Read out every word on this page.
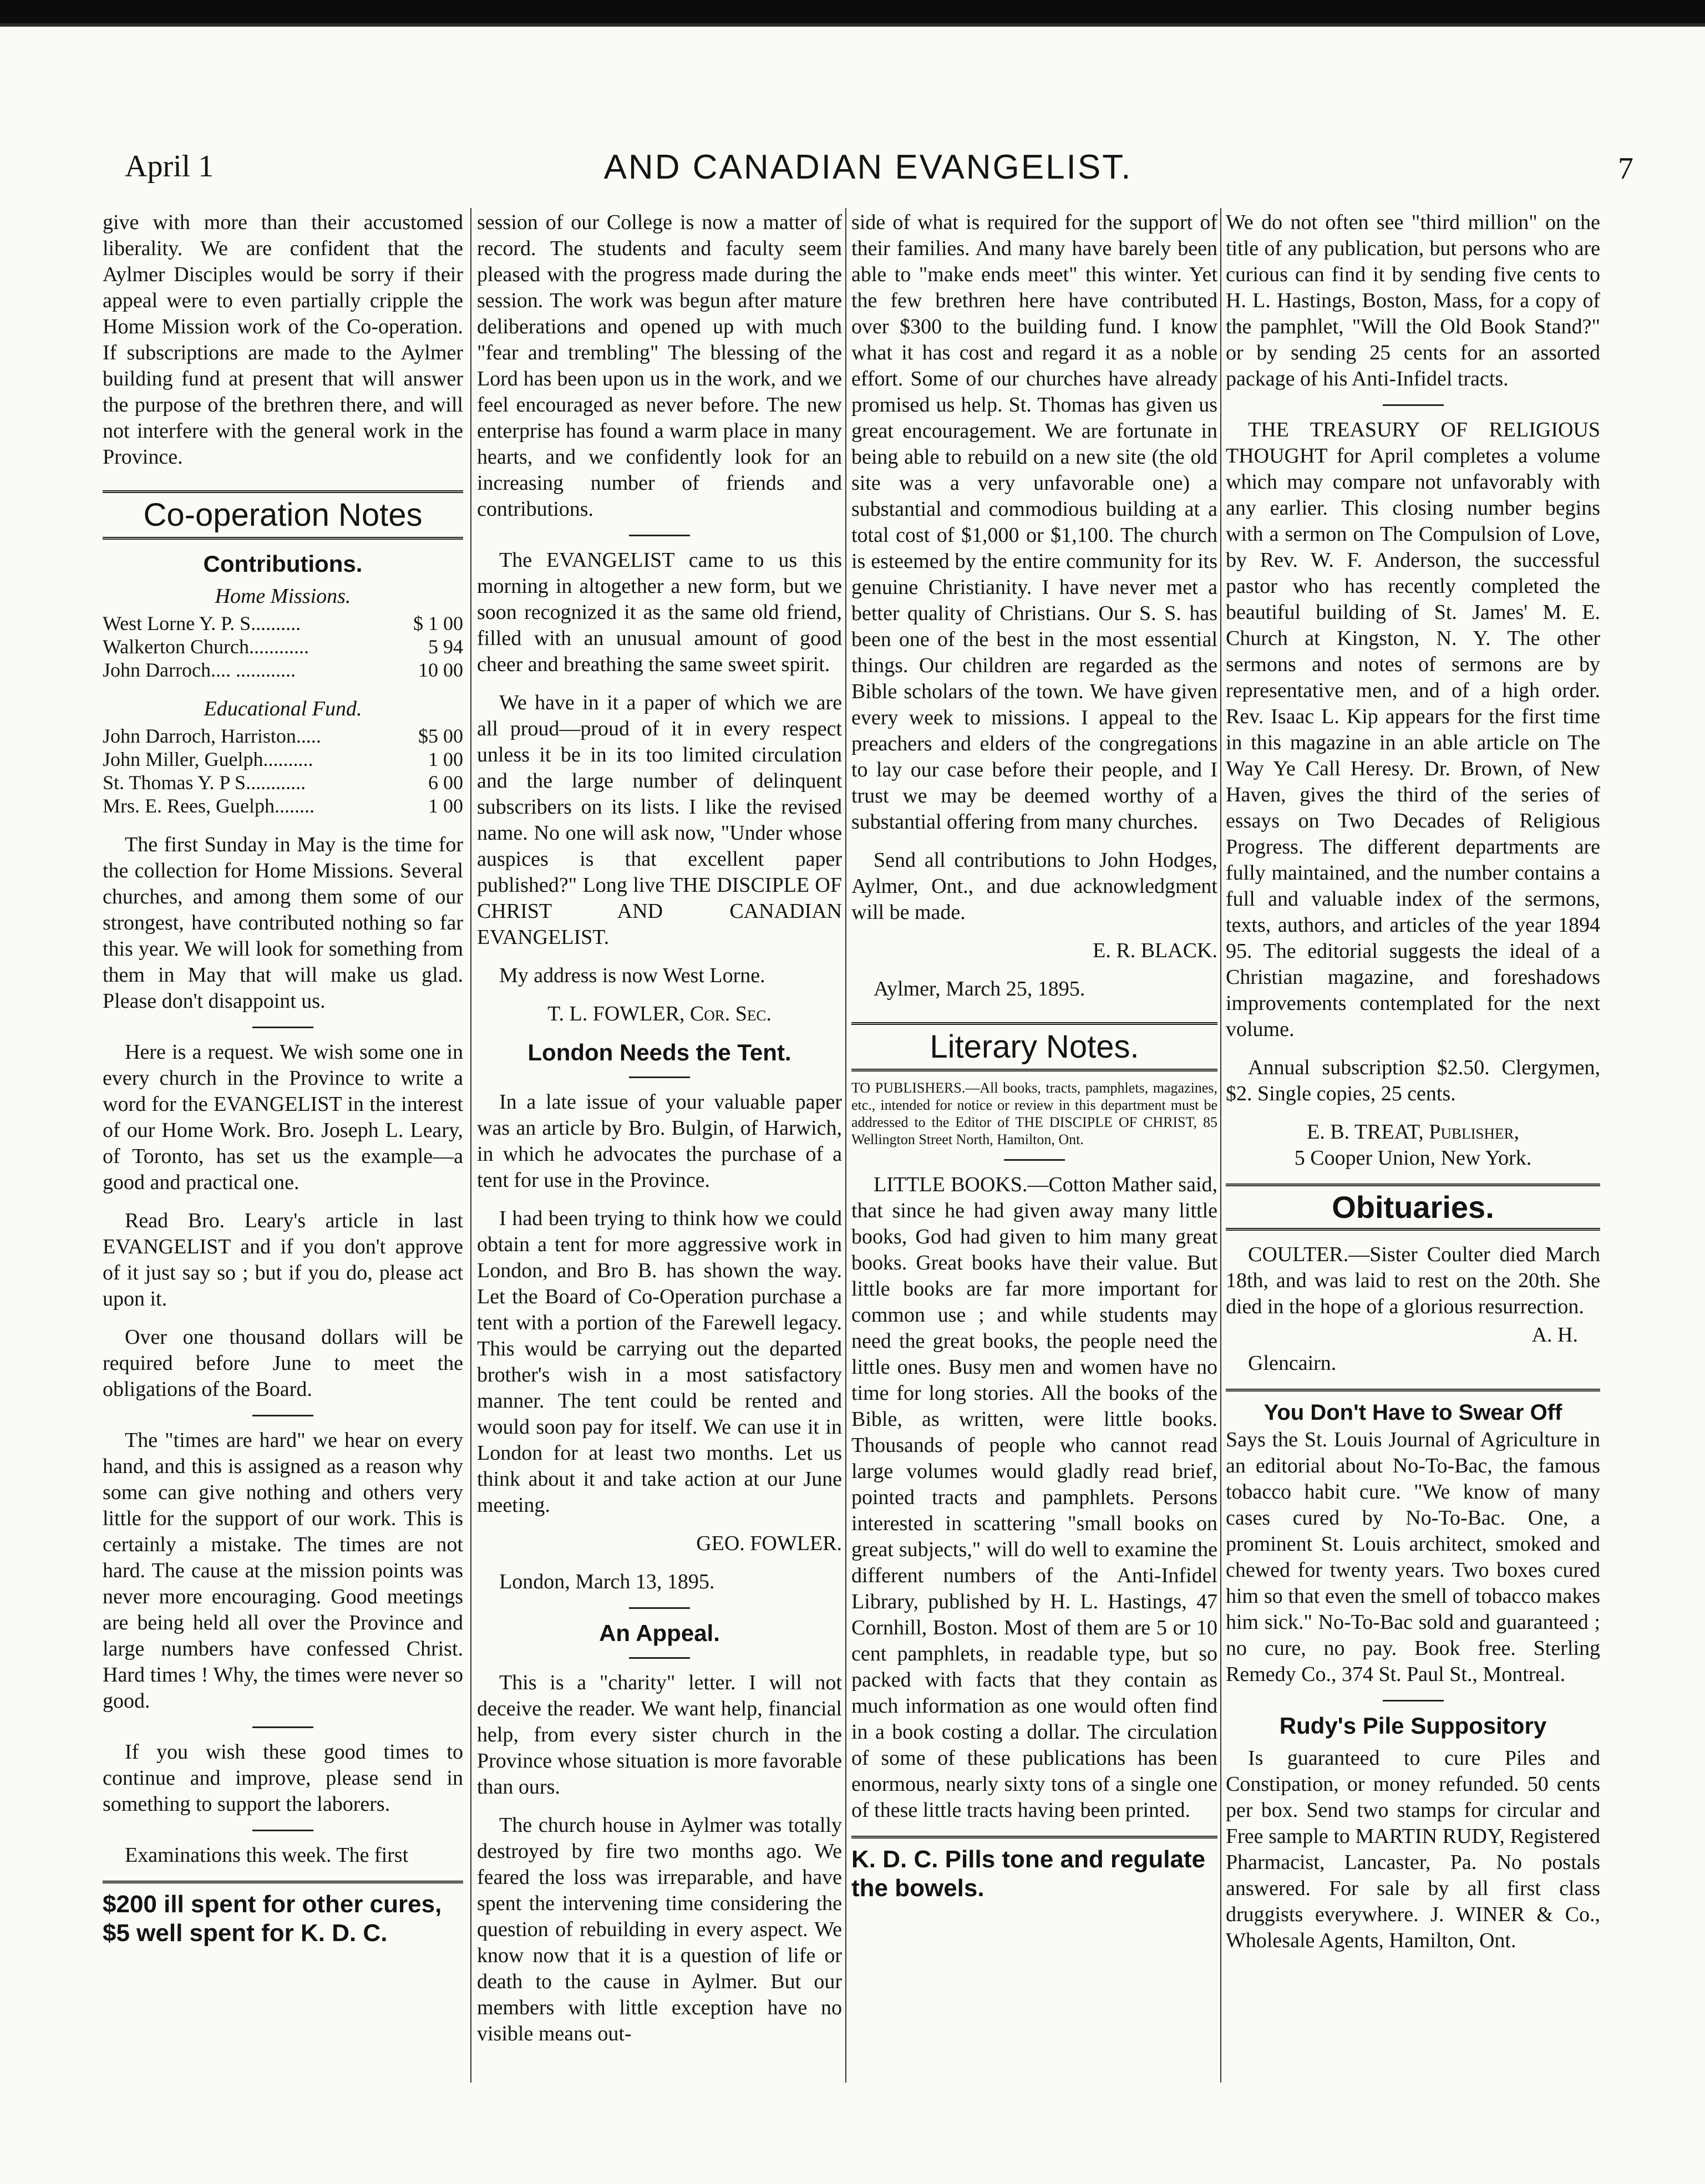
April 1	AND CANADIAN EVANGELIST.	7

give with more than their accustomed liberality. We are confident that the Aylmer Disciples would be sorry if their appeal were to even partially cripple the Home Mission work of the Co-operation. If subscriptions are made to the Aylmer building fund at present that will answer the purpose of the brethren there, and will not interfere with the general work in the Province.

Co-operation Notes
Contributions.
Home Missions.
West Lorne Y. P. S..........	$ 1 00
Walkerton Church............	5 94
John Darroch.... ............	10 00
Educational Fund.
John Darroch, Harriston.....	$5 00
John Miller, Guelph..........	1 00
St. Thomas Y. P S............	6 00
Mrs. E. Rees, Guelph........	1 00

The first Sunday in May is the time for the collection for Home Missions. Several churches, and among them some of our strongest, have contributed nothing so far this year. We will look for something from them in May that will make us glad. Please don't disappoint us.

Here is a request. We wish some one in every church in the Province to write a word for the EVANGELIST in the interest of our Home Work. Bro. Joseph L. Leary, of Toronto, has set us the example—a good and practical one.

Read Bro. Leary's article in last EVANGELIST and if you don't approve of it just say so ; but if you do, please act upon it.

Over one thousand dollars will be required before June to meet the obligations of the Board.

The "times are hard" we hear on every hand, and this is assigned as a reason why some can give nothing and others very little for the support of our work. This is certainly a mistake. The times are not hard. The cause at the mission points was never more encouraging. Good meetings are being held all over the Province and large numbers have confessed Christ. Hard times ! Why, the times were never so good.

If you wish these good times to continue and improve, please send in something to support the laborers.

Examinations this week. The first

$200 ill spent for other cures, $5 well spent for K. D. C.

session of our College is now a matter of record. The students and faculty seem pleased with the progress made during the session. The work was begun after mature deliberations and opened up with much "fear and trembling" The blessing of the Lord has been upon us in the work, and we feel encouraged as never before. The new enterprise has found a warm place in many hearts, and we confidently look for an increasing number of friends and contributions.

The EVANGELIST came to us this morning in altogether a new form, but we soon recognized it as the same old friend, filled with an unusual amount of good cheer and breathing the same sweet spirit.

We have in it a paper of which we are all proud—proud of it in every respect unless it be in its too limited circulation and the large number of delinquent subscribers on its lists. I like the revised name. No one will ask now, "Under whose auspices is that excellent paper published?" Long live THE DISCIPLE OF CHRIST AND CANADIAN EVANGELIST.

My address is now West Lorne.

T. L. FOWLER, Cor. Sec.

London Needs the Tent.

In a late issue of your valuable paper was an article by Bro. Bulgin, of Harwich, in which he advocates the purchase of a tent for use in the Province.

I had been trying to think how we could obtain a tent for more aggressive work in London, and Bro B. has shown the way. Let the Board of Co-Operation purchase a tent with a portion of the Farewell legacy. This would be carrying out the departed brother's wish in a most satisfactory manner. The tent could be rented and would soon pay for itself. We can use it in London for at least two months. Let us think about it and take action at our June meeting.

GEO. FOWLER.

London, March 13, 1895.

An Appeal.

This is a "charity" letter. I will not deceive the reader. We want help, financial help, from every sister church in the Province whose situation is more favorable than ours.

The church house in Aylmer was totally destroyed by fire two months ago. We feared the loss was irreparable, and have spent the intervening time considering the question of rebuilding in every aspect. We know now that it is a question of life or death to the cause in Aylmer. But our members with little exception have no visible means out-

side of what is required for the support of their families. And many have barely been able to "make ends meet" this winter. Yet the few brethren here have contributed over $300 to the building fund. I know what it has cost and regard it as a noble effort. Some of our churches have already promised us help. St. Thomas has given us great encouragement. We are fortunate in being able to rebuild on a new site (the old site was a very unfavorable one) a substantial and commodious building at a total cost of $1,000 or $1,100. The church is esteemed by the entire community for its genuine Christianity. I have never met a better quality of Christians. Our S. S. has been one of the best in the most essential things. Our children are regarded as the Bible scholars of the town. We have given every week to missions. I appeal to the preachers and elders of the congregations to lay our case before their people, and I trust we may be deemed worthy of a substantial offering from many churches.

Send all contributions to John Hodges, Aylmer, Ont., and due acknowledgment will be made.

E. R. BLACK.

Aylmer, March 25, 1895.

Literary Notes.

TO PUBLISHERS.—All books, tracts, pamphlets, magazines, etc., intended for notice or review in this department must be addressed to the Editor of THE DISCIPLE OF CHRIST, 85 Wellington Street North, Hamilton, Ont.

LITTLE BOOKS.—Cotton Mather said, that since he had given away many little books, God had given to him many great books. Great books have their value. But little books are far more important for common use ; and while students may need the great books, the people need the little ones. Busy men and women have no time for long stories. All the books of the Bible, as written, were little books. Thousands of people who cannot read large volumes would gladly read brief, pointed tracts and pamphlets. Persons interested in scattering "small books on great subjects," will do well to examine the different numbers of the Anti-Infidel Library, published by H. L. Hastings, 47 Cornhill, Boston. Most of them are 5 or 10 cent pamphlets, in readable type, but so packed with facts that they contain as much information as one would often find in a book costing a dollar. The circulation of some of these publications has been enormous, nearly sixty tons of a single one of these little tracts having been printed.

K. D. C. Pills tone and regulate the bowels.

We do not often see "third million" on the title of any publication, but persons who are curious can find it by sending five cents to H. L. Hastings, Boston, Mass, for a copy of the pamphlet, "Will the Old Book Stand?" or by sending 25 cents for an assorted package of his Anti-Infidel tracts.

THE TREASURY OF RELIGIOUS THOUGHT for April completes a volume which may compare not unfavorably with any earlier. This closing number begins with a sermon on The Compulsion of Love, by Rev. W. F. Anderson, the successful pastor who has recently completed the beautiful building of St. James' M. E. Church at Kingston, N. Y. The other sermons and notes of sermons are by representative men, and of a high order. Rev. Isaac L. Kip appears for the first time in this magazine in an able article on The Way Ye Call Heresy. Dr. Brown, of New Haven, gives the third of the series of essays on Two Decades of Religious Progress. The different departments are fully maintained, and the number contains a full and valuable index of the sermons, texts, authors, and articles of the year 1894 95. The editorial suggests the ideal of a Christian magazine, and foreshadows improvements contemplated for the next volume.

Annual subscription $2.50. Clergymen, $2. Single copies, 25 cents.

E. B. TREAT, Publisher,

5 Cooper Union, New York.

Obituaries.

COULTER.—Sister Coulter died March 18th, and was laid to rest on the 20th. She died in the hope of a glorious resurrection.

A. H.

Glencairn.

You Don't Have to Swear Off

Says the St. Louis Journal of Agriculture in an editorial about No-To-Bac, the famous tobacco habit cure. "We know of many cases cured by No-To-Bac. One, a prominent St. Louis architect, smoked and chewed for twenty years. Two boxes cured him so that even the smell of tobacco makes him sick." No-To-Bac sold and guaranteed ; no cure, no pay. Book free. Sterling Remedy Co., 374 St. Paul St., Montreal.

Rudy's Pile Suppository

Is guaranteed to cure Piles and Constipation, or money refunded. 50 cents per box. Send two stamps for circular and Free sample to MARTIN RUDY, Registered Pharmacist, Lancaster, Pa. No postals answered. For sale by all first class druggists everywhere. J. WINER & Co., Wholesale Agents, Hamilton, Ont.
